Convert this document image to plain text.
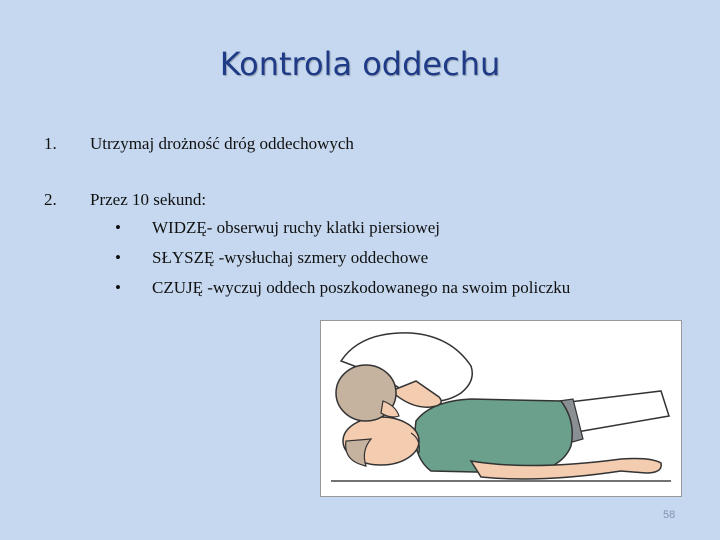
Kontrola oddechu
1. Utrzymaj drożność dróg oddechowych
2. Przez 10 sekund:
• WIDZĘ- obserwuj ruchy klatki piersiowej
• SŁYSZĘ -wysłuchaj szmery oddechowe
• CZUJĘ -wyczuj oddech poszkodowanego na swoim policzku
58
